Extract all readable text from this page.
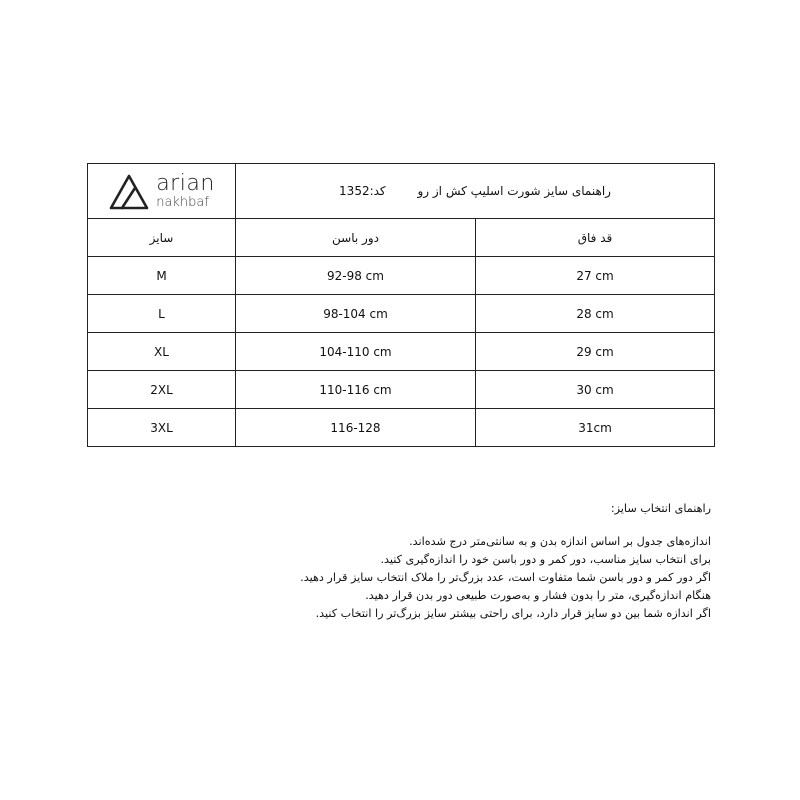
arian
nakhbaf	راهنمای سایز شورت اسلیپ کش از رو کد:1352	
سایز	دور باسن	قد فاق
M	92-98 cm	27 cm
L	98-104 cm	28 cm
XL	104-110 cm	29 cm
2XL	110-116 cm	30 cm
3XL	116-128	31cm
راهنمای انتخاب سایز:
اندازه‌های جدول بر اساس اندازه بدن و به سانتی‌متر درج شده‌اند.
برای انتخاب سایز مناسب، دور کمر و دور باسن خود را اندازه‌گیری کنید.
اگر دور کمر و دور باسن شما متفاوت است، عدد بزرگ‌تر را ملاک انتخاب سایز قرار دهید.
هنگام اندازه‌گیری، متر را بدون فشار و به‌صورت طبیعی دور بدن قرار دهید.
اگر اندازه شما بین دو سایز قرار دارد، برای راحتی بیشتر سایز بزرگ‌تر را انتخاب کنید.
